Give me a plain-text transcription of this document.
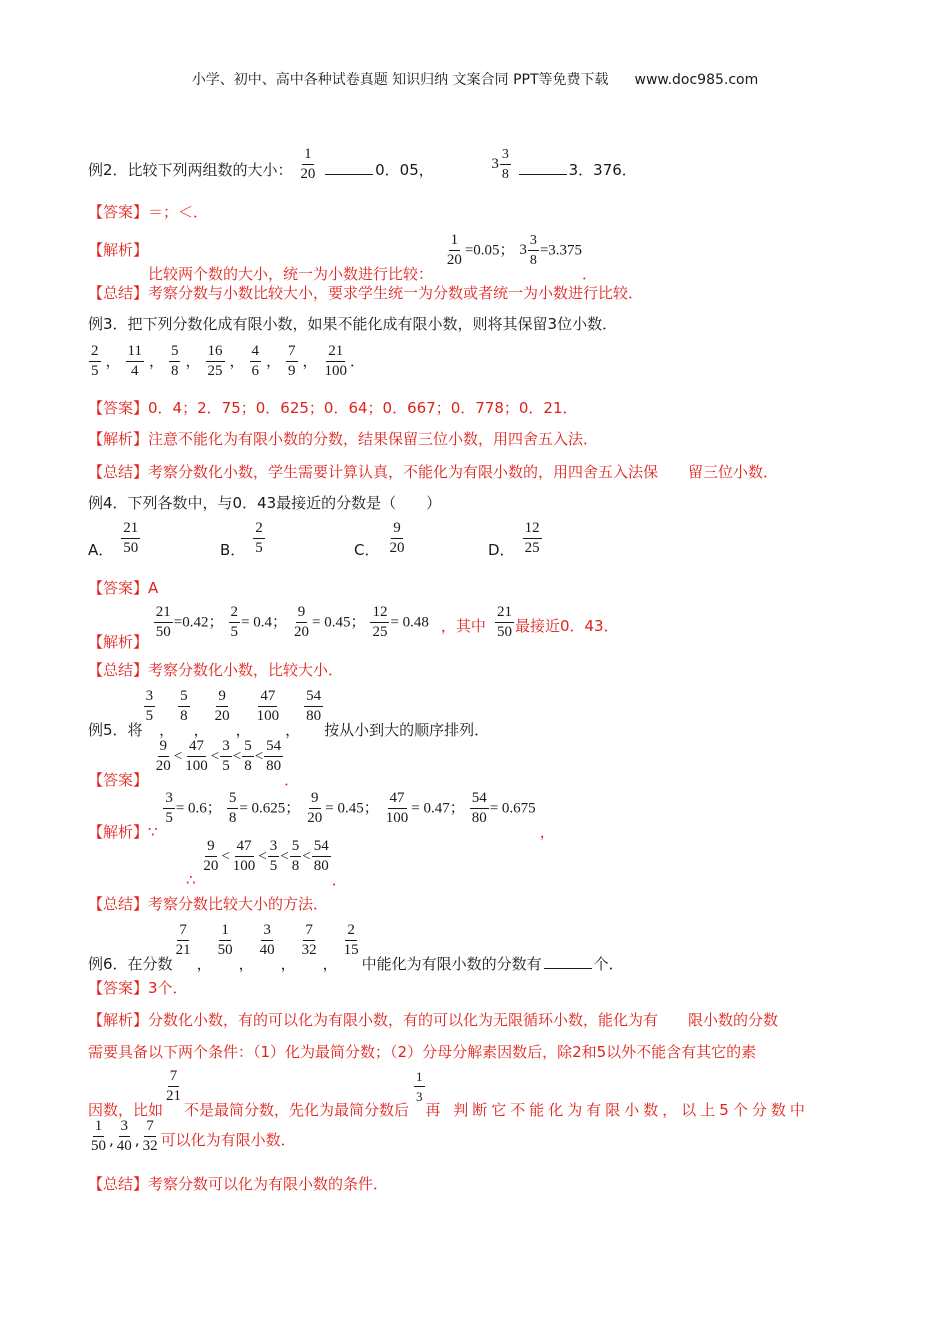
小学、初中、高中各种试卷真题 知识归纳 文案合同 PPT等免费下载 www.doc985.com
例2．比较下列两组数的大小： $\frac{1}{20}$	0．05，	$3 \frac{3}{8}$	3．376．
【答案】＝；＜．
【解析】比较两个数的大小，统一为小数进行比较：
$\frac{1}{20} =0.05$； $3 \frac{3}{8} =3.375$．
【总结】考察分数与小数比较大小，要求学生统一为分数或者统一为小数进行比较．
例3．把下列分数化成有限小数，如果不能化成有限小数，则将其保留3位小数．
$\frac{2}{5}$ ， $\frac{11}{4}$ ， $\frac{5}{8}$ ， $\frac{16}{25}$ ， $\frac{4}{6}$ ， $\frac{7}{9}$ ， $\frac{21}{100}$ ．
【答案】0．4；2．75；0．625；0．64；0．667；0．778；0．21．
【解析】注意不能化为有限小数的分数，结果保留三位小数，用四舍五入法．
【总结】考察分数化小数，学生需要计算认真，不能化为有限小数的，用四舍五入法保 留三位小数．
例4．下列各数中，与0．43最接近的分数是（　　）
A． $\frac{21}{50}$	B． $\frac{2}{5}$	C． $\frac{9}{20}$	D． $\frac{12}{25}$
【答案】A
【解析】
$\frac{21}{50} =0.42$； $\frac{2}{5} = 0.4$； $\frac{9}{20} = 0.45$； $\frac{12}{25} = 0.48$ ，其中 $\frac{21}{50}$ 最接近0．43．
【总结】考察分数化小数，比较大小．
例5．将
$\frac{3}{5}$
，
$\frac{5}{8}$
，
$\frac{9}{20}$
，
$\frac{47}{100}$
，
$\frac{54}{80}$
按从小到大的顺序排列．
【答案】
$\frac{9}{20} < \frac{47}{100} < \frac{3}{5} < \frac{5}{8} < \frac{54}{80}$
．
【解析】∵
$\frac{3}{5} = 0.6$； $\frac{5}{8} = 0.625$； $\frac{9}{20} = 0.45$； $\frac{47}{100} = 0.47$； $\frac{54}{80} = 0.675$，
∴
$\frac{9}{20} < \frac{47}{100} < \frac{3}{5} < \frac{5}{8} < \frac{54}{80}$
．
【总结】考察分数比较大小的方法．
例6．在分数
$\frac{7}{21}$
，
$\frac{1}{50}$
，
$\frac{3}{40}$
，
$\frac{7}{32}$
，
$\frac{2}{15}$
中能化为有限小数的分数有	个．
【答案】3个．
【解析】分数化小数，有的可以化为有限小数，有的可以化为无限循环小数，能化为有 限小数的分数
需要具备以下两个条件：（1）化为最简分数；（2）分母分解素因数后，除2和5以外不能含有其它的素
因数，比如
$\frac{7}{21}$
不是最简分数，先化为最简分数后
$\frac{1}{3}$
再 判断它不能化为有限小数，以上5个分数中
$\frac{1}{50}$ , $\frac{3}{40}$ , $\frac{7}{32}$ 可以化为有限小数．
【总结】考察分数可以化为有限小数的条件．
